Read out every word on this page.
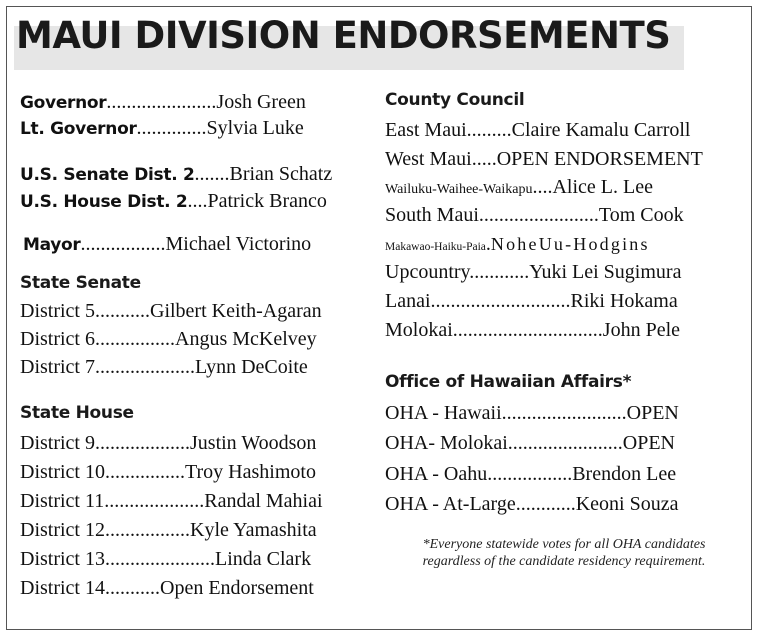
MAUI DIVISION ENDORSEMENTS
Governor......................Josh Green
Lt. Governor..............Sylvia Luke
U.S. Senate Dist. 2.......Brian Schatz
U.S. House Dist. 2....Patrick Branco
Mayor.................Michael Victorino
State Senate
District 5...........Gilbert Keith-Agaran
District 6................Angus McKelvey
District 7....................Lynn DeCoite
State House
District 9...................Justin Woodson
District 10................Troy Hashimoto
District 11....................Randal Mahiai
District 12.................Kyle Yamashita
District 13......................Linda Clark
District 14...........Open Endorsement
County Council
East Maui.........Claire Kamalu Carroll
West Maui.....OPEN ENDORSEMENT
Wailuku-Waihee-Waikapu....Alice L. Lee
South Maui........................Tom Cook
Makawao-Haiku-Paia.NoheUu-Hodgins
Upcountry............Yuki Lei Sugimura
Lanai............................Riki Hokama
Molokai..............................John Pele
Office of Hawaiian Affairs*
OHA - Hawaii.........................OPEN
OHA- Molokai.......................OPEN
OHA - Oahu.................Brendon Lee
OHA - At-Large............Keoni Souza
*Everyone statewide votes for all OHA candidates
regardless of the candidate residency requirement.
